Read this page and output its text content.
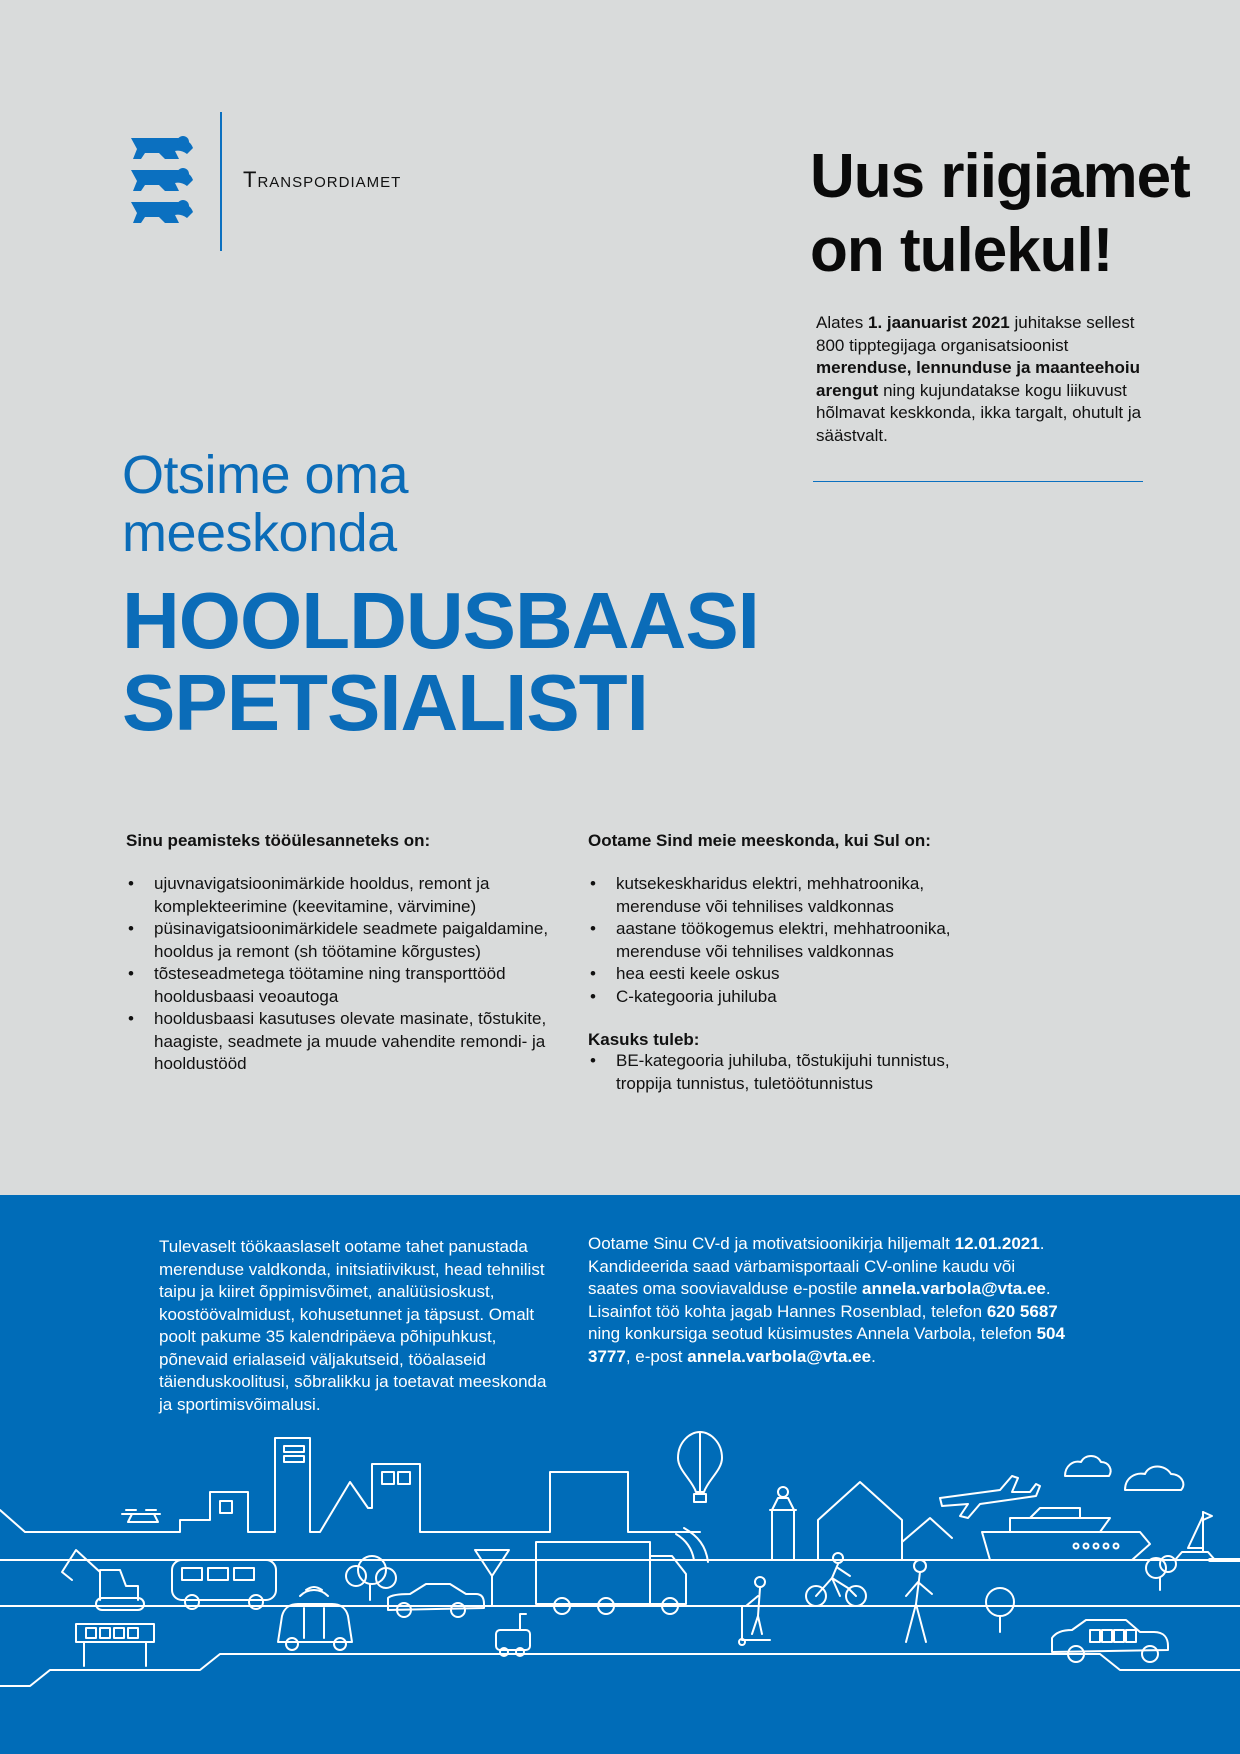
Transpordiamet	Uus riigiamet
on tulekul!
Alates 1. jaanuarist 2021 juhitakse sellest 800 tipptegijaga organisatsioonist merenduse, lennunduse ja maanteehoiu arengut ning kujundatakse kogu liikuvust hõlmavat keskkonda, ikka targalt, ohutult ja säästvalt.
Otsime oma
meeskonda
HOOLDUSBAASI
SPETSIALISTI
Sinu peamisteks tööülesanneteks on:
• ujuvnavigatsioonimärkide hooldus, remont ja komplekteerimine (keevitamine, värvimine)
• püsinavigatsioonimärkidele seadmete paigaldamine, hooldus ja remont (sh töötamine kõrgustes)
• tõsteseadmetega töötamine ning transporttööd hooldusbaasi veoautoga
• hooldusbaasi kasutuses olevate masinate, tõstukite, haagiste, seadmete ja muude vahendite remondi- ja hooldustööd
Ootame Sind meie meeskonda, kui Sul on:
• kutsekeskharidus elektri, mehhatroonika, merenduse või tehnilises valdkonnas
• aastane töökogemus elektri, mehhatroonika, merenduse või tehnilises valdkonnas
• hea eesti keele oskus
• C-kategooria juhiluba
Kasuks tuleb:
• BE-kategooria juhiluba, tõstukijuhi tunnistus, troppija tunnistus, tuletöötunnistus
Tulevaselt töökaaslaselt ootame tahet panustada merenduse valdkonda, initsiatiivikust, head tehnilist taipu ja kiiret õppimisvõimet, analüüsioskust, koostöövalmidust, kohusetunnet ja täpsust. Omalt poolt pakume 35 kalendripäeva põhipuhkust, põnevaid erialaseid väljakutseid, tööalaseid täienduskoolitusi, sõbralikku ja toetavat meeskonda ja sportimisvõimalusi.
Ootame Sinu CV-d ja motivatsioonikirja hiljemalt 12.01.2021. Kandideerida saad värbamisportaali CV-online kaudu või saates oma sooviavalduse e-postile annela.varbola@vta.ee. Lisainfot töö kohta jagab Hannes Rosenblad, telefon 620 5687 ning konkursiga seotud küsimustes Annela Varbola, telefon 504 3777, e-post annela.varbola@vta.ee.
